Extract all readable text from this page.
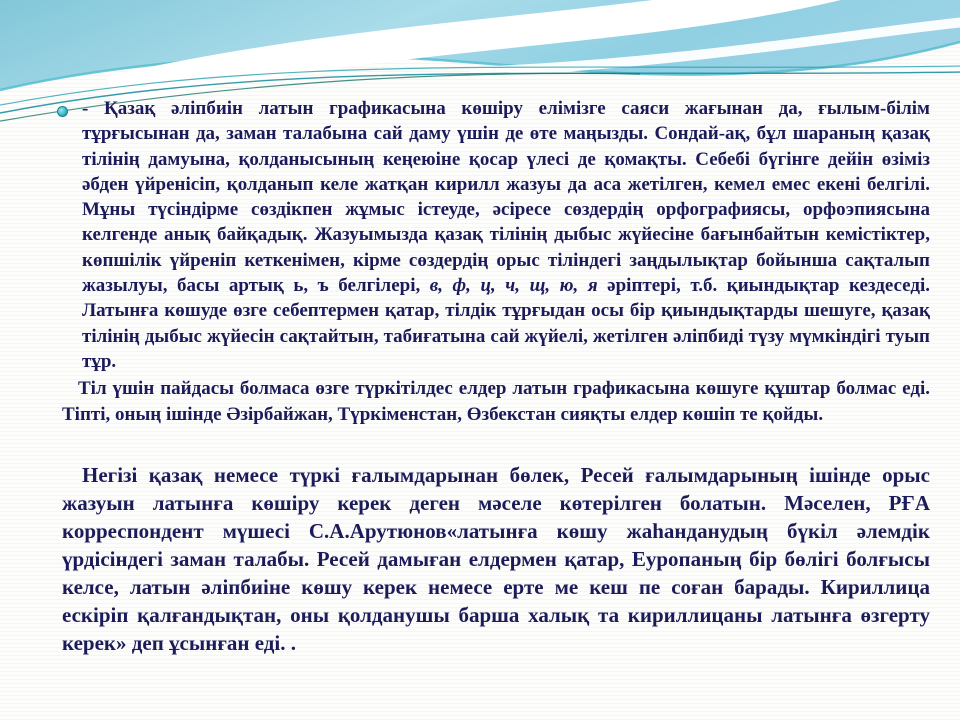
- Қазақ әліпбиін латын графикасына көшіру елімізге саяси жағынан да, ғылым-білім тұрғысынан да, заман талабына сай даму үшін де өте маңызды. Сондай-ақ, бұл шараның қазақ тілінің дамуына, қолданысының кеңеюіне қосар үлесі де қомақты. Себебі бүгінге дейін өзіміз әбден үйренісіп, қолданып келе жатқан кирилл жазуы да аса жетілген, кемел емес екені белгілі. Мұны түсіндірме сөздікпен жұмыс істеуде, әсіресе сөздердің орфографиясы, орфоэпиясына келгенде анық байқадық. Жазуымызда қазақ тілінің дыбыс жүйесіне бағынбайтын кемістіктер, көпшілік үйреніп кеткенімен, кірме сөздердің орыс тіліндегі заңдылықтар бойынша сақталып жазылуы, басы артық ь, ъ белгілері, в, ф, ц, ч, щ, ю, я әріптері, т.б. қиындықтар кездеседі. Латынға көшуде өзге себептермен қатар, тілдік тұрғыдан осы бір қиындықтарды шешуге, қазақ тілінің дыбыс жүйесін сақтайтын, табиғатына сай жүйелі, жетілген әліпбиді түзу мүмкіндігі туып тұр.

Тіл үшін пайдасы болмаса өзге түркітілдес елдер латын графикасына көшуге құштар болмас еді. Тіпті, оның ішінде Әзірбайжан, Түркіменстан, Өзбекстан сияқты елдер көшіп те қойды.

Негізі қазақ немесе түркі ғалымдарынан бөлек, Ресей ғалымдарының ішінде орыс жазуын латынға көшіру керек деген мәселе көтерілген болатын. Мәселен, РҒА корреспондент мүшесі С.А.Арутюнов«латынға көшу жаһанданудың бүкіл әлемдік үрдісіндегі заман талабы. Ресей дамыған елдермен қатар, Еуропаның бір бөлігі болғысы келсе, латын әліпбиіне көшу керек немесе ерте ме кеш пе соған барады. Кириллица ескіріп қалғандықтан, оны қолданушы барша халық та кириллицаны латынға өзгерту керек» деп ұсынған еді. .
